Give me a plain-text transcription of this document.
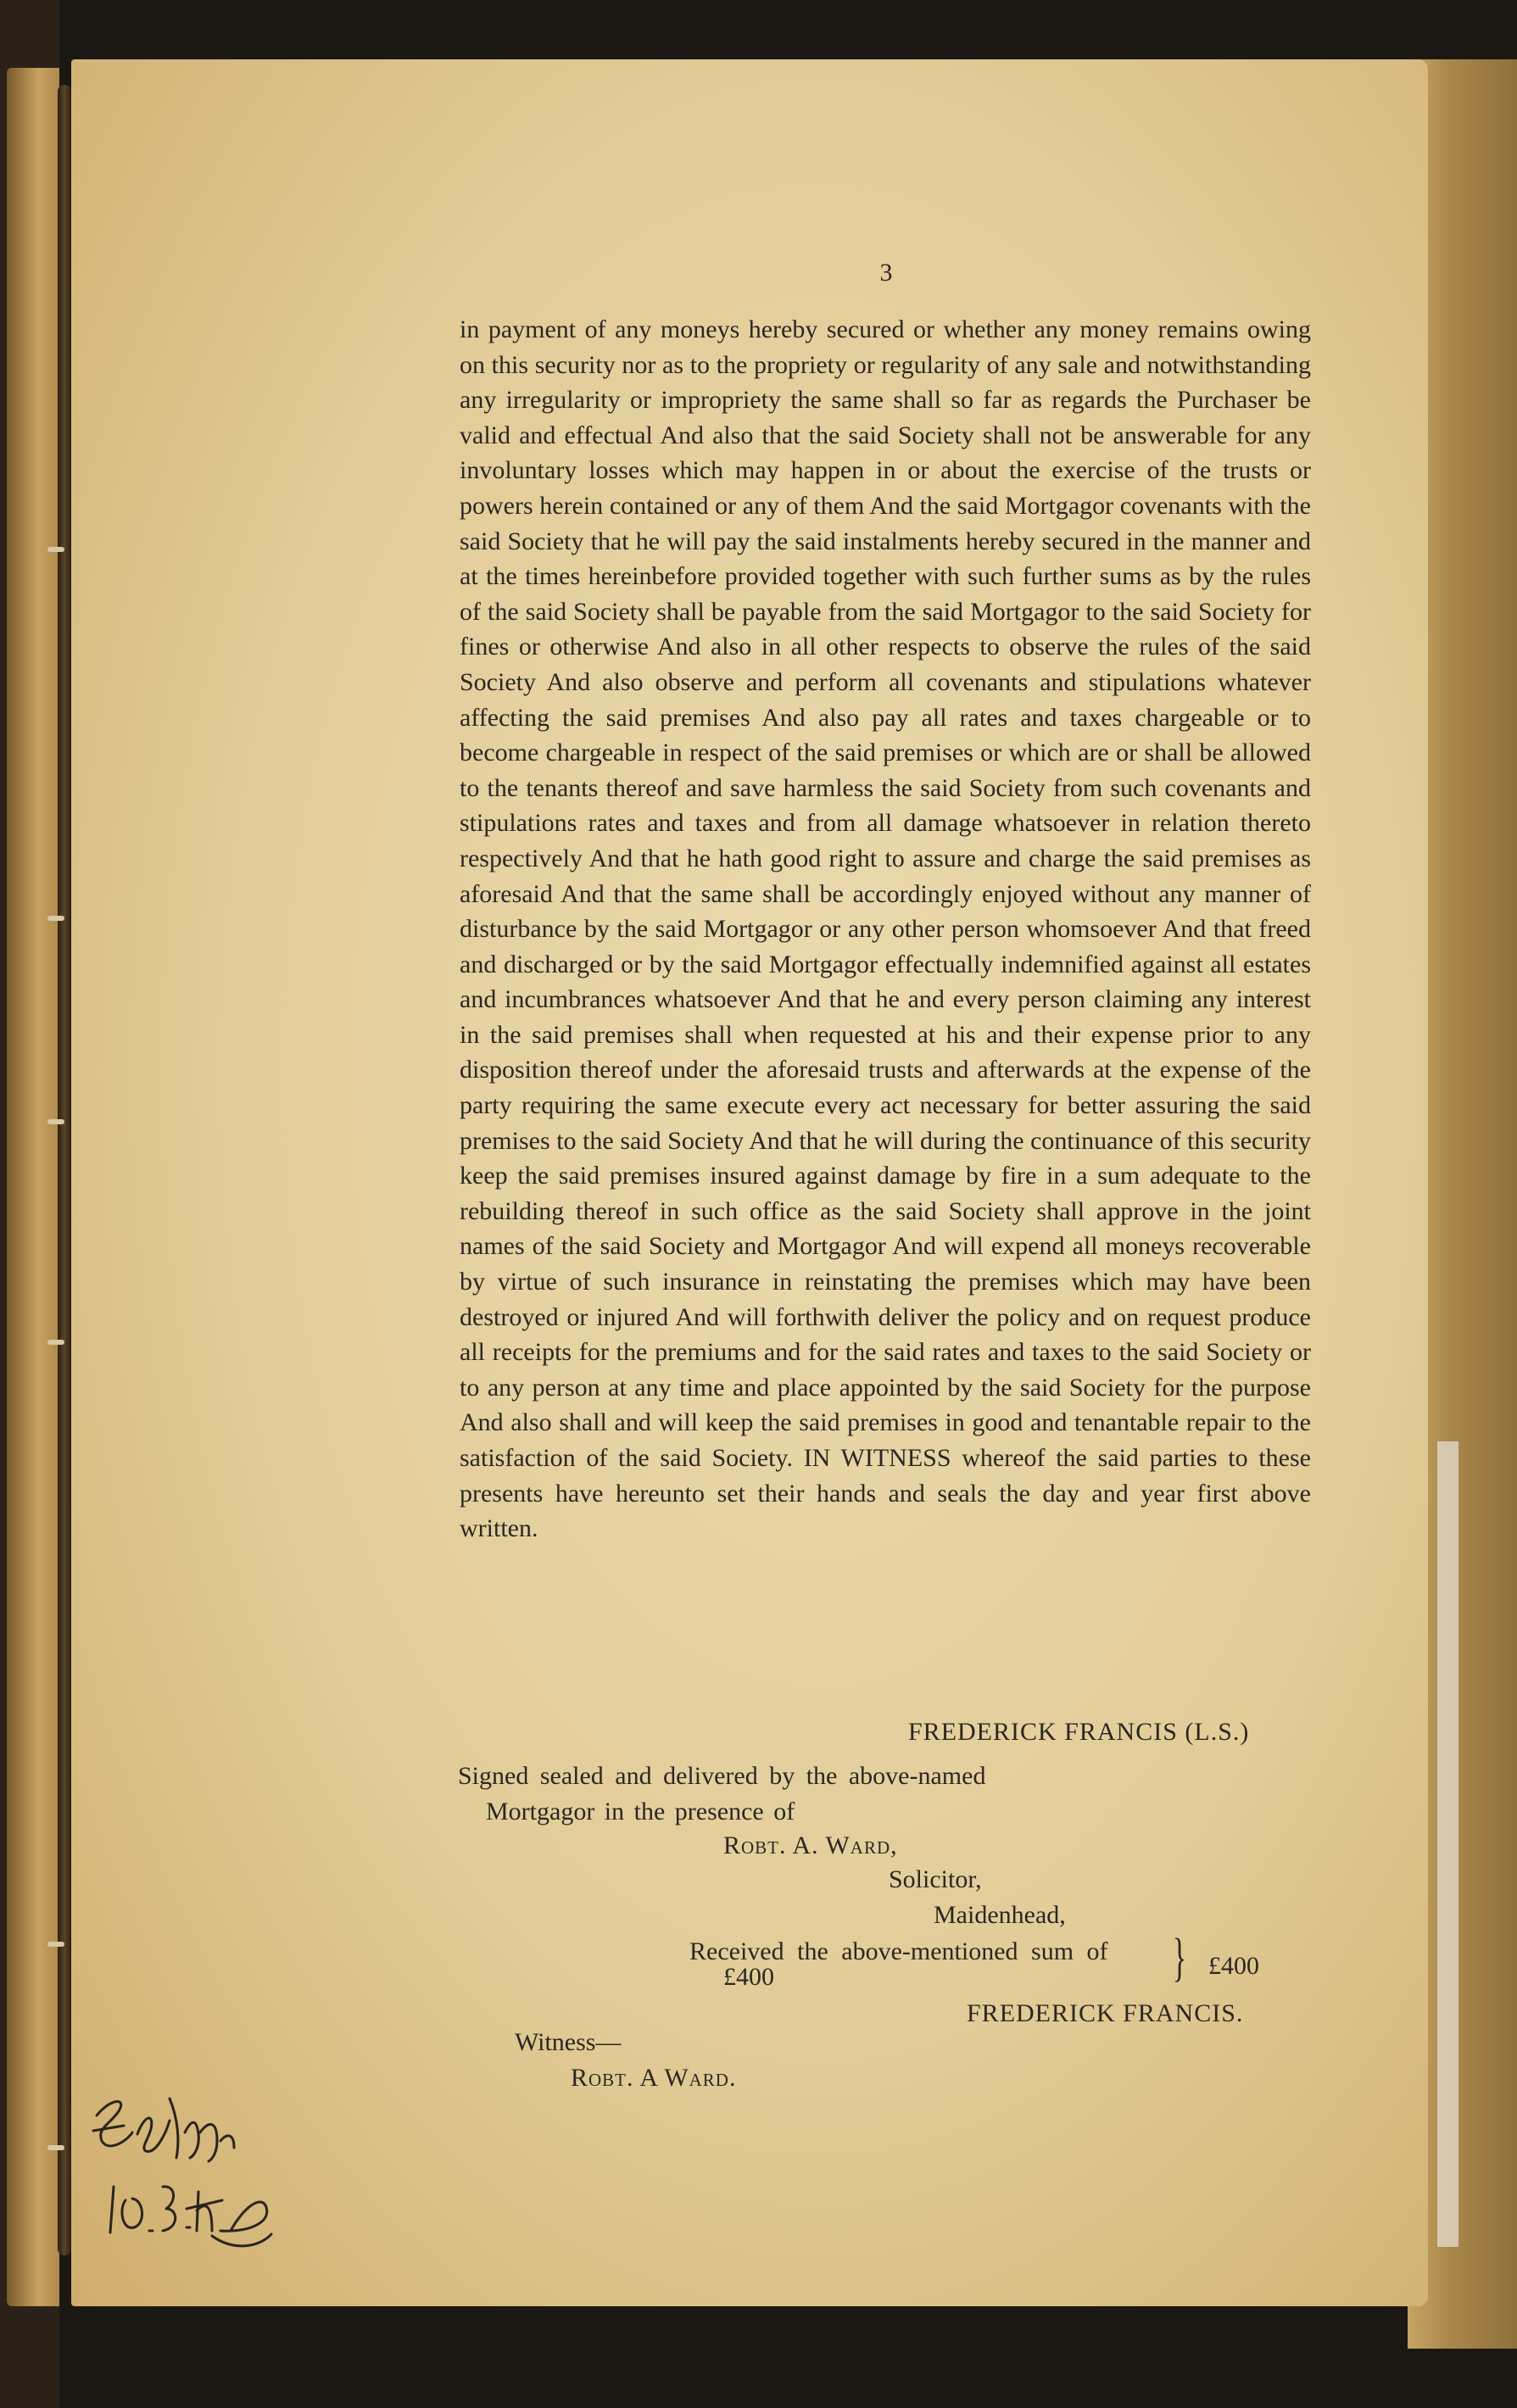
3

in payment of any moneys hereby secured or whether any money remains owing on this security nor as to the propriety or regularity of any sale and notwithstanding any irregularity or impropriety the same shall so far as regards the Purchaser be valid and effectual And also that the said Society shall not be answerable for any involuntary losses which may happen in or about the exercise of the trusts or powers herein contained or any of them And the said Mortgagor covenants with the said Society that he will pay the said instalments hereby secured in the manner and at the times hereinbefore provided together with such further sums as by the rules of the said Society shall be payable from the said Mortgagor to the said Society for fines or otherwise And also in all other respects to observe the rules of the said Society And also observe and perform all covenants and stipulations whatever affecting the said premises And also pay all rates and taxes chargeable or to become chargeable in respect of the said premises or which are or shall be allowed to the tenants thereof and save harmless the said Society from such covenants and stipulations rates and taxes and from all damage whatsoever in relation thereto respectively And that he hath good right to assure and charge the said premises as aforesaid And that the same shall be accordingly enjoyed without any manner of disturbance by the said Mortgagor or any other person whomsoever And that freed and discharged or by the said Mortgagor effectually indemnified against all estates and incumbrances whatsoever And that he and every person claiming any interest in the said premises shall when requested at his and their expense prior to any disposition thereof under the aforesaid trusts and afterwards at the expense of the party requiring the same execute every act necessary for better assuring the said premises to the said Society And that he will during the continuance of this security keep the said premises insured against damage by fire in a sum adequate to the rebuilding thereof in such office as the said Society shall approve in the joint names of the said Society and Mortgagor And will expend all moneys recoverable by virtue of such insurance in reinstating the premises which may have been destroyed or injured And will forthwith deliver the policy and on request produce all receipts for the premiums and for the said rates and taxes to the said Society or to any person at any time and place appointed by the said Society for the purpose And also shall and will keep the said premises in good and tenantable repair to the satisfaction of the said Society. IN WITNESS whereof the said parties to these presents have hereunto set their hands and seals the day and year first above written.

FREDERICK FRANCIS (L.S.)
Signed sealed and delivered by the above-named
Mortgagor in the presence of
Robt. A. Ward,
Solicitor,
Maidenhead,
Received the above-mentioned sum of
£400	} £400
FREDERICK FRANCIS.
Witness—
Robt. A Ward.
